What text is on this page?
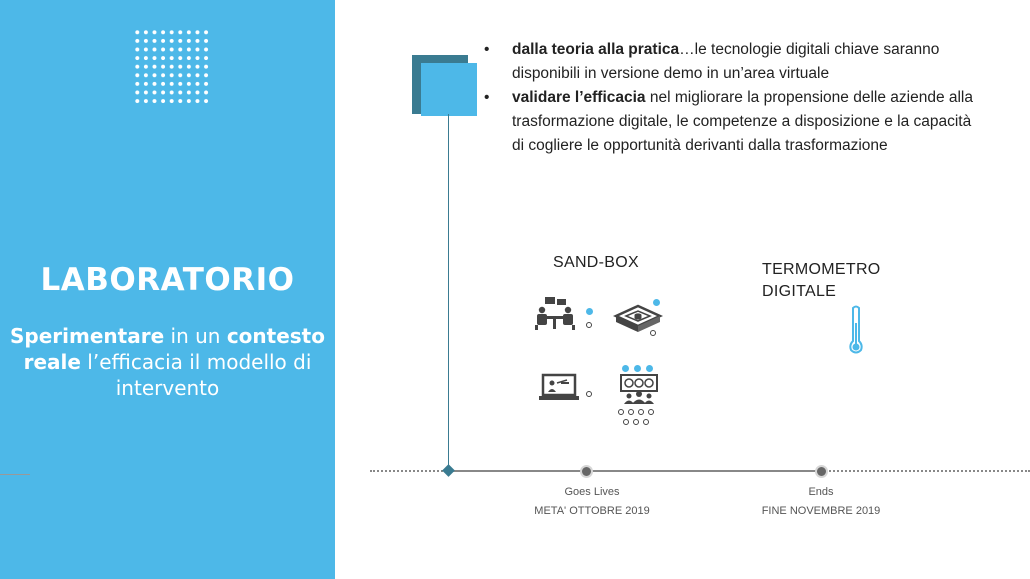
LABORATORIO
Sperimentare in un contesto reale l’efficacia il modello di intervento
• dalla teoria alla pratica…le tecnologie digitali chiave saranno disponibili in versione demo in un’area virtuale
• validare l’efficacia nel migliorare la propensione delle aziende alla trasformazione digitale, le competenze a disposizione e la capacità di cogliere le opportunità derivanti dalla trasformazione
SAND-BOX	TERMOMETRO
DIGITALE
Goes Lives
META' OTTOBRE 2019
Ends
FINE NOVEMBRE 2019
